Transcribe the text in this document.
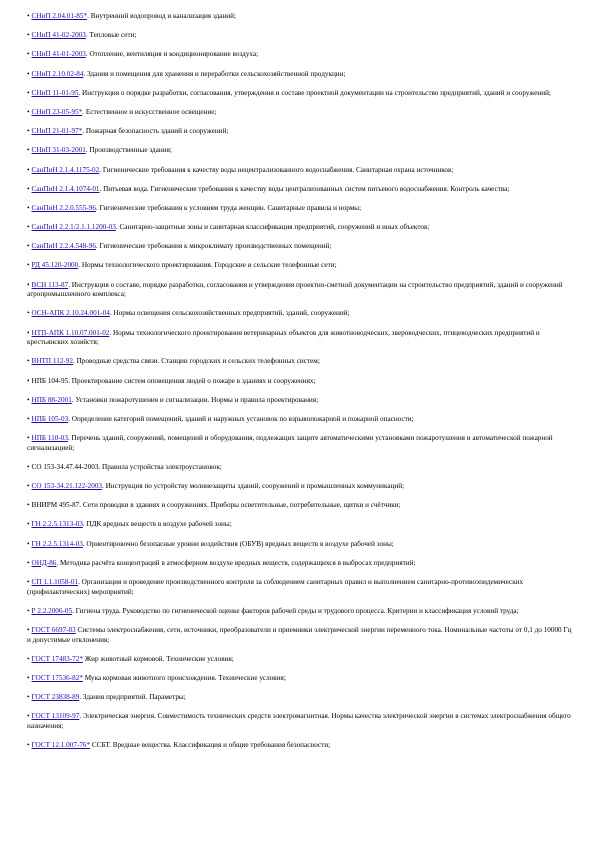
• СНиП 2.04.01-85*. Внутренний водопровод и канализация зданий;
• СНиП 41-02-2003. Тепловые сети;
• СНиП 41-01-2003. Отопление, вентиляция и кондиционирование воздуха;
• СНиП 2.10.02-84. Здания и помещения для хранения и переработки сельскохозяйственной продукции;
• СНиП 11-01-95. Инструкция о порядке разработки, согласования, утверждения и составе проектной документации на строительство предприятий, зданий и сооружений;
• СНиП 23-05-95*. Естественное и искусственное освещение;
• СНиП 21-01-97*. Пожарная безопасность зданий и сооружений;
• СНиП 31-03-2001. Производственные здания;
• СанПиН 2.1.4.1175-02. Гигиенические требования к качеству воды нецентрализованного водоснабжения. Санитарная охрана источников;
• СанПиН 2.1.4.1074-01. Питьевая вода. Гигиенические требования к качеству воды централизованных систем питьевого водоснабжения. Контроль качества;
• СанПиН 2.2.0.555-96. Гигиенические требования к условиям труда женщин. Санитарные правила и нормы;
• СанПиН 2.2.1/2.1.1.1200-03. Санитарно-защитные зоны и санитарная классификация предприятий, сооружений и иных объектов;
• СанПиН 2.2.4.548-96. Гигиенические требования к микроклимату производственных помещений;
• РД 45.120-2000. Нормы технологического проектирования. Городские и сельские телефонные сети;
• ВСН 113-87. Инструкция о составе, порядке разработки, согласования и утверждения проектно-сметной документации на строительство предприятий, зданий и сооружений агропромышленного комплекса;
• ОСН-АПК 2.10.24.001-04. Нормы освещения сельскохозяйственных предприятий, зданий, сооружений;
• НТП-АПК 1.10.07.001-02. Нормы технологического проектирования ветеринарных объектов для животноводческих, звероводческих, птицеводческих предприятий и крестьянских хозяйств;
• ВНТП 112-92. Проводные средства связи. Станции городских и сельских телефонных систем;
• НПБ 104-95. Проектирование систем оповещения людей о пожаре в зданиях и сооружениях;
• НПБ 88-2001. Установки пожаротушения и сигнализации. Нормы и правила проектирования;
• НПБ 105-03. Определение категорий помещений, зданий и наружных установок по взрывопожарной и пожарной опасности;
• НПБ 110-03. Перечень зданий, сооружений, помещений и оборудования, подлежащих защите автоматическими установками пожаротушения и автоматической пожарной сигнализацией;
• СО 153-34.47.44-2003. Правила устройства электроустановок;
• СО 153-34.21.122-2003. Инструкция по устройству молниезащиты зданий, сооружений и промышленных коммуникаций;
• ВНИРМ 495-87. Сети проводки в зданиях и сооружениях. Приборы осветительные, потребительные, щитки и счётчики;
• ГН 2.2.5.1313-03. ПДК вредных веществ в воздухе рабочей зоны;
• ГН 2.2.5.1314-03. Ориентировочно безопасные уровни воздействия (ОБУВ) вредных веществ в воздухе рабочей зоны;
• ОНД-86. Методика расчёта концентраций в атмосферном воздухе вредных веществ, содержащихся в выбросах предприятий;
• СП 1.1.1058-01. Организация и проведение производственного контроля за соблюдением санитарных правил и выполнением санитарно-противоэпидемических (профилактических) мероприятий;
• Р 2.2.2006-05. Гигиена труда. Руководство по гигиенической оценке факторов рабочей среды и трудового процесса. Критерии и классификация условий труда;
• ГОСТ 6697-83 Системы электроснабжения, сети, источники, преобразователи и приемники электрической энергии переменного тока. Номинальные частоты от 0,1 до 10000 Гц и допустимые отклонения;
• ГОСТ 17483-72* Жир животный кормовой. Технические условия;
• ГОСТ 17536-82* Мука кормовая животного происхождения. Технические условия;
• ГОСТ 23838-89. Здания предприятий. Параметры;
• ГОСТ 13109-97. Электрическая энергия. Совместимость технических средств электромагнитная. Нормы качества электрической энергии в системах электроснабжения общего назначения;
• ГОСТ 12.1.007-76* ССБТ. Вредные вещества. Классификация и общие требования безопасности;
